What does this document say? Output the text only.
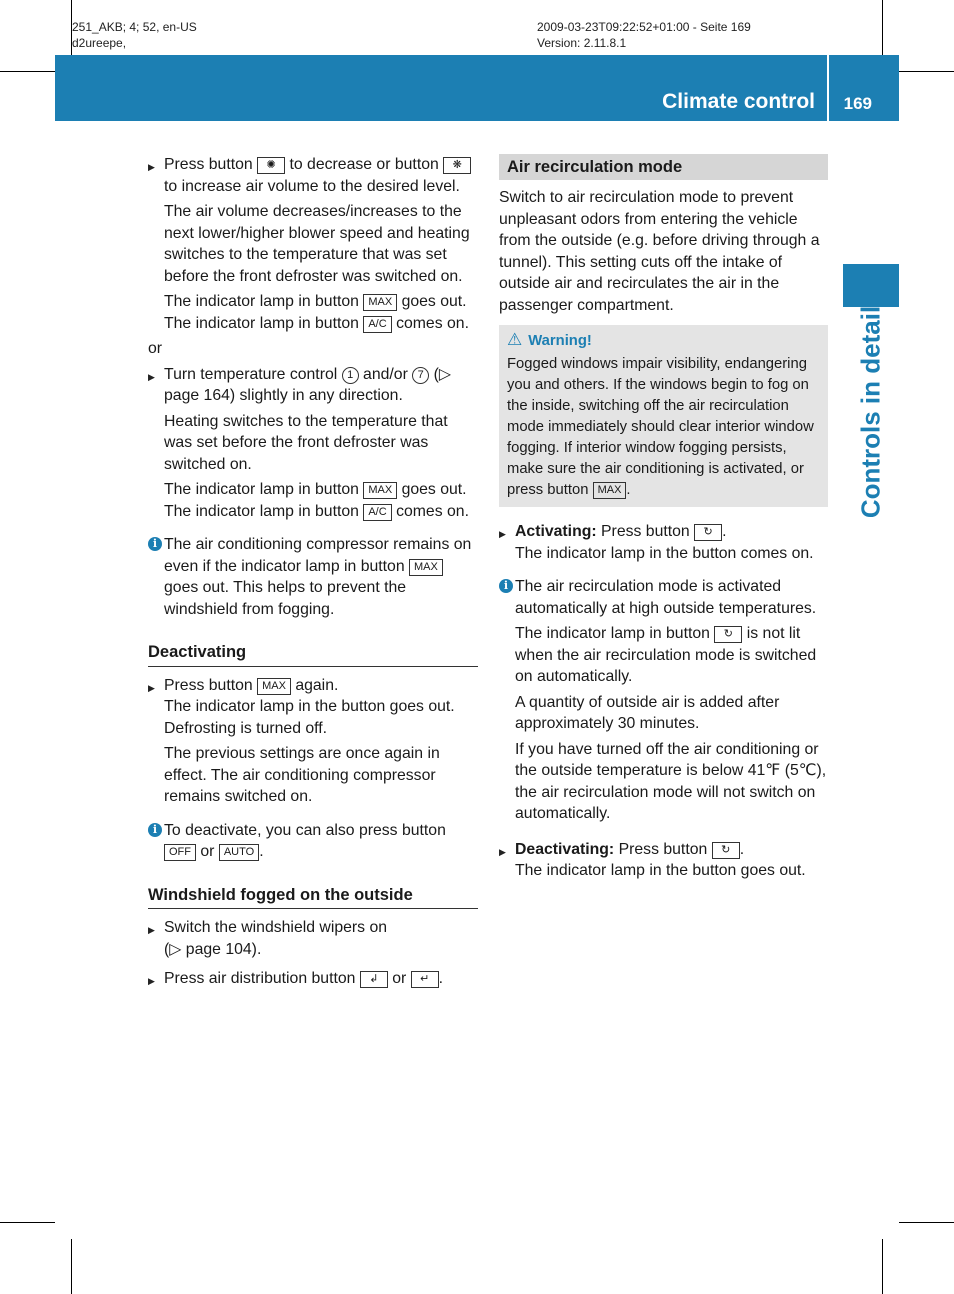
251_AKB; 4; 52, en-US
d2ureepe,
2009-03-23T09:22:52+01:00 - Seite 169
Version: 2.11.8.1
Climate control 169
Controls in detail

▶ Press button ✺ to decrease or button ❋ to increase air volume to the desired level.

The air volume decreases/increases to the next lower/higher blower speed and heating switches to the temperature that was set before the front defroster was switched on.

The indicator lamp in button MAX goes out. The indicator lamp in button A/C comes on.

or

▶ Turn temperature control 1 and/or 7 (▷ page 164) slightly in any direction.

Heating switches to the temperature that was set before the front defroster was switched on.

The indicator lamp in button MAX goes out. The indicator lamp in button A/C comes on.

i The air conditioning compressor remains on even if the indicator lamp in button MAX goes out. This helps to prevent the windshield from fogging.

Deactivating

▶ Press button MAX again.
The indicator lamp in the button goes out. Defrosting is turned off.

The previous settings are once again in effect. The air conditioning compressor remains switched on.

i To deactivate, you can also press button OFF or AUTO .

Windshield fogged on the outside

▶ Switch the windshield wipers on
(▷ page 104).

▶ Press air distribution button ↲ or ↵ .

Air recirculation mode

Switch to air recirculation mode to prevent unpleasant odors from entering the vehicle from the outside (e.g. before driving through a tunnel). This setting cuts off the intake of outside air and recirculates the air in the passenger compartment.

⚠ Warning!
Fogged windows impair visibility, endangering you and others. If the windows begin to fog on the inside, switching off the air recirculation mode immediately should clear interior window fogging. If interior window fogging persists, make sure the air conditioning is activated, or press button MAX .

▶ Activating: Press button ↻ .
The indicator lamp in the button comes on.

i The air recirculation mode is activated automatically at high outside temperatures.

The indicator lamp in button ↻ is not lit when the air recirculation mode is switched on automatically.

A quantity of outside air is added after approximately 30 minutes.

If you have turned off the air conditioning or the outside temperature is below 41℉ (5℃), the air recirculation mode will not switch on automatically.

▶ Deactivating: Press button ↻ .
The indicator lamp in the button goes out.
